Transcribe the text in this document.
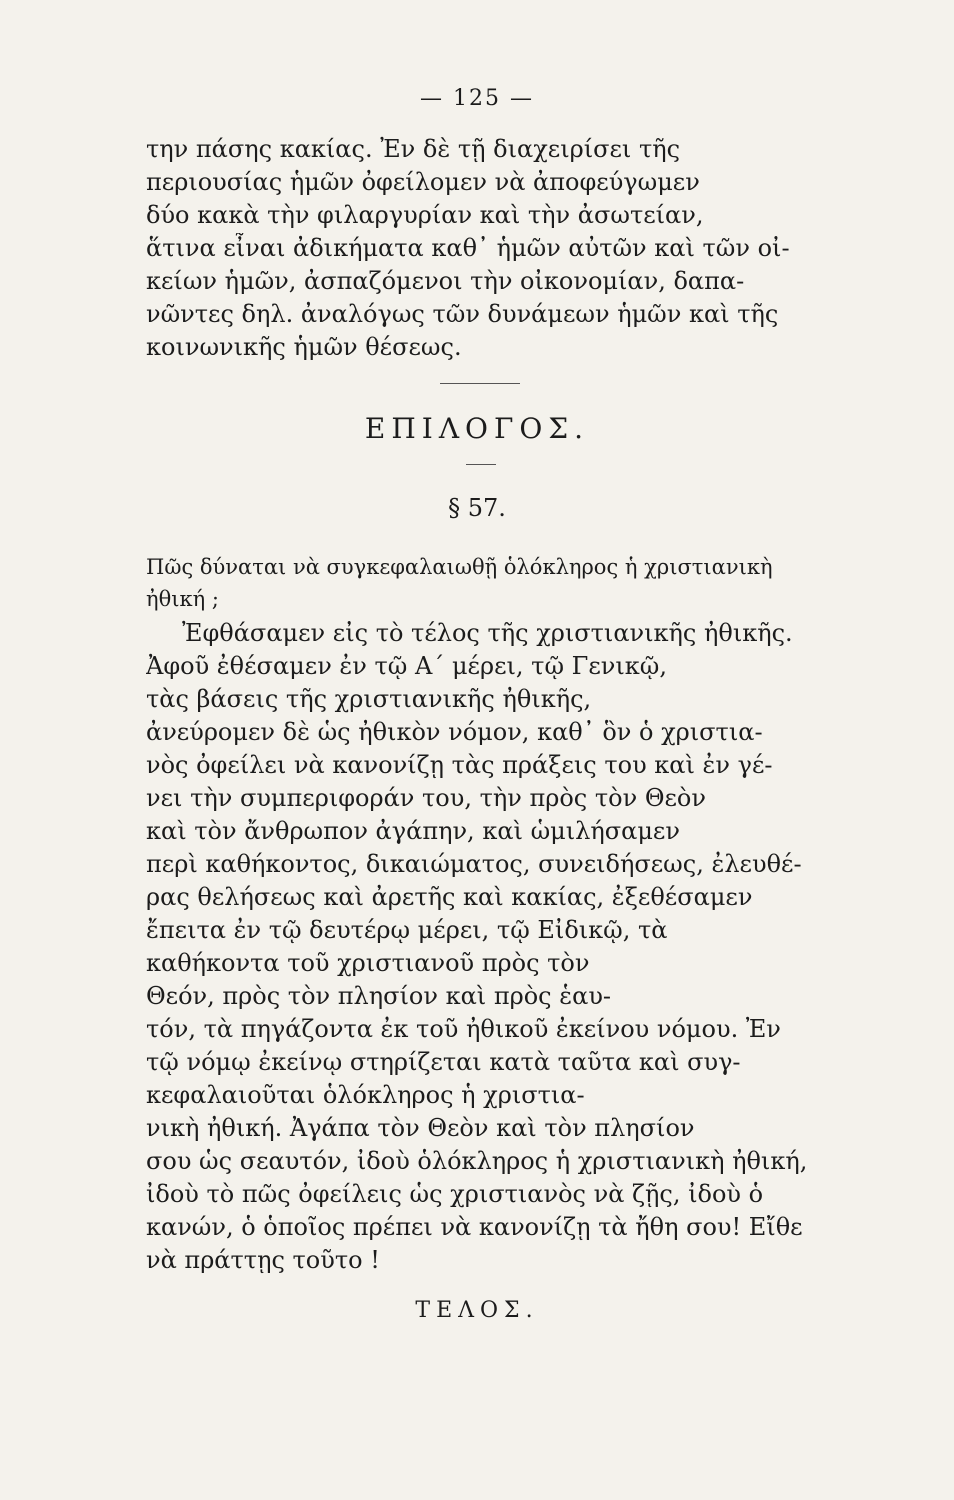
— 125 —
την πάσης κακίας. Ἐν δὲ τῇ διαχειρίσει τῆς
περιουσίας ἡμῶν ὀφείλομεν νὰ ἀποφεύγωμεν
δύο κακὰ τὴν φιλαργυρίαν καὶ τὴν ἀσωτείαν,
ἅτινα εἶναι ἀδικήματα καθ᾽ ἡμῶν αὐτῶν καὶ τῶν οἰ-
κείων ἡμῶν, ἀσπαζόμενοι τὴν οἰκονομίαν, δαπα-
νῶντες δηλ. ἀναλόγως τῶν δυνάμεων ἡμῶν καὶ τῆς
κοινωνικῆς ἡμῶν θέσεως.
ΕΠΙΛΟΓΟΣ.
§ 57.
Πῶς δύναται νὰ συγκεφαλαιωθῇ ὁλόκληρος ἡ χριστιανικὴ
ἠθική ;
Ἐφθάσαμεν εἰς τὸ τέλος τῆς χριστιανικῆς ἠθικῆς.
Ἀφοῦ ἐθέσαμεν ἐν τῷ Α΄ μέρει, τῷ Γενικῷ,
τὰς βάσεις τῆς χριστιανικῆς ἠθικῆς,
ἀνεύρομεν δὲ ὡς ἠθικὸν νόμον, καθ᾽ ὃν ὁ χριστια-
νὸς ὀφείλει νὰ κανονίζῃ τὰς πράξεις του καὶ ἐν γέ-
νει τὴν συμπεριφοράν του, τὴν πρὸς τὸν Θεὸν
καὶ τὸν ἄνθρωπον ἀγάπην, καὶ ὡμιλήσαμεν
περὶ καθήκοντος, δικαιώματος, συνειδήσεως, ἐλευθέ-
ρας θελήσεως καὶ ἀρετῆς καὶ κακίας, ἐξεθέσαμεν
ἔπειτα ἐν τῷ δευτέρῳ μέρει, τῷ Εἰδικῷ, τὰ
καθήκοντα τοῦ χριστιανοῦ πρὸς τὸν
Θεόν, πρὸς τὸν πλησίον καὶ πρὸς ἑαυ-
τόν, τὰ πηγάζοντα ἐκ τοῦ ἠθικοῦ ἐκείνου νόμου. Ἐν
τῷ νόμῳ ἐκείνῳ στηρίζεται κατὰ ταῦτα καὶ συγ-
κεφαλαιοῦται ὁλόκληρος ἡ χριστια-
νικὴ ἠθική. Ἀγάπα τὸν Θεὸν καὶ τὸν πλησίον
σου ὡς σεαυτόν, ἰδοὺ ὁλόκληρος ἡ χριστιανικὴ ἠθική,
ἰδοὺ τὸ πῶς ὀφείλεις ὡς χριστιανὸς νὰ ζῇς, ἰδοὺ ὁ
κανών, ὁ ὁποῖος πρέπει νὰ κανονίζῃ τὰ ἤθη σου! Εἴθε
νὰ πράττῃς τοῦτο !
ΤΕΛΟΣ.
